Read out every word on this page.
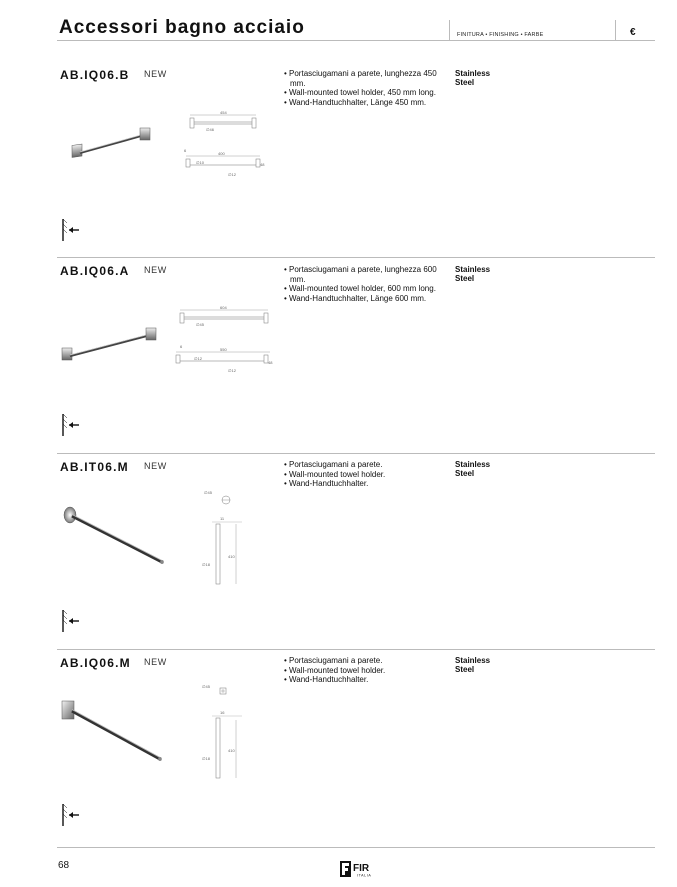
Accessori bagno acciaio	FINITURA • FINISHING • FARBE	€
AB.IQ06.B NEW	• Portasciugamani a parete, lunghezza 450 mm.
• Wall-mounted towel holder, 450 mm long.
• Wand-Handtuchhalter, Länge 450 mm.
Stainless Steel
454
∅46
400
6
∅10	48
∅12
AB.IQ06.A NEW	• Portasciugamani a parete, lunghezza 600 mm.
• Wall-mounted towel holder, 600 mm long.
• Wand-Handtuchhalter, Länge 600 mm.
Stainless Steel
604
∅45
550
6
∅12
48
∅12
AB.IT06.M NEW	• Portasciugamani a parete.
• Wall-mounted towel holder.
• Wand-Handtuchhalter.
Stainless Steel
∅45
11
410
∅18
AB.IQ06.M NEW	• Portasciugamani a parete.
• Wall-mounted towel holder.
• Wand-Handtuchhalter.
Stainless Steel
∅45
16
410
∅18
68	FIR
ITALIA
